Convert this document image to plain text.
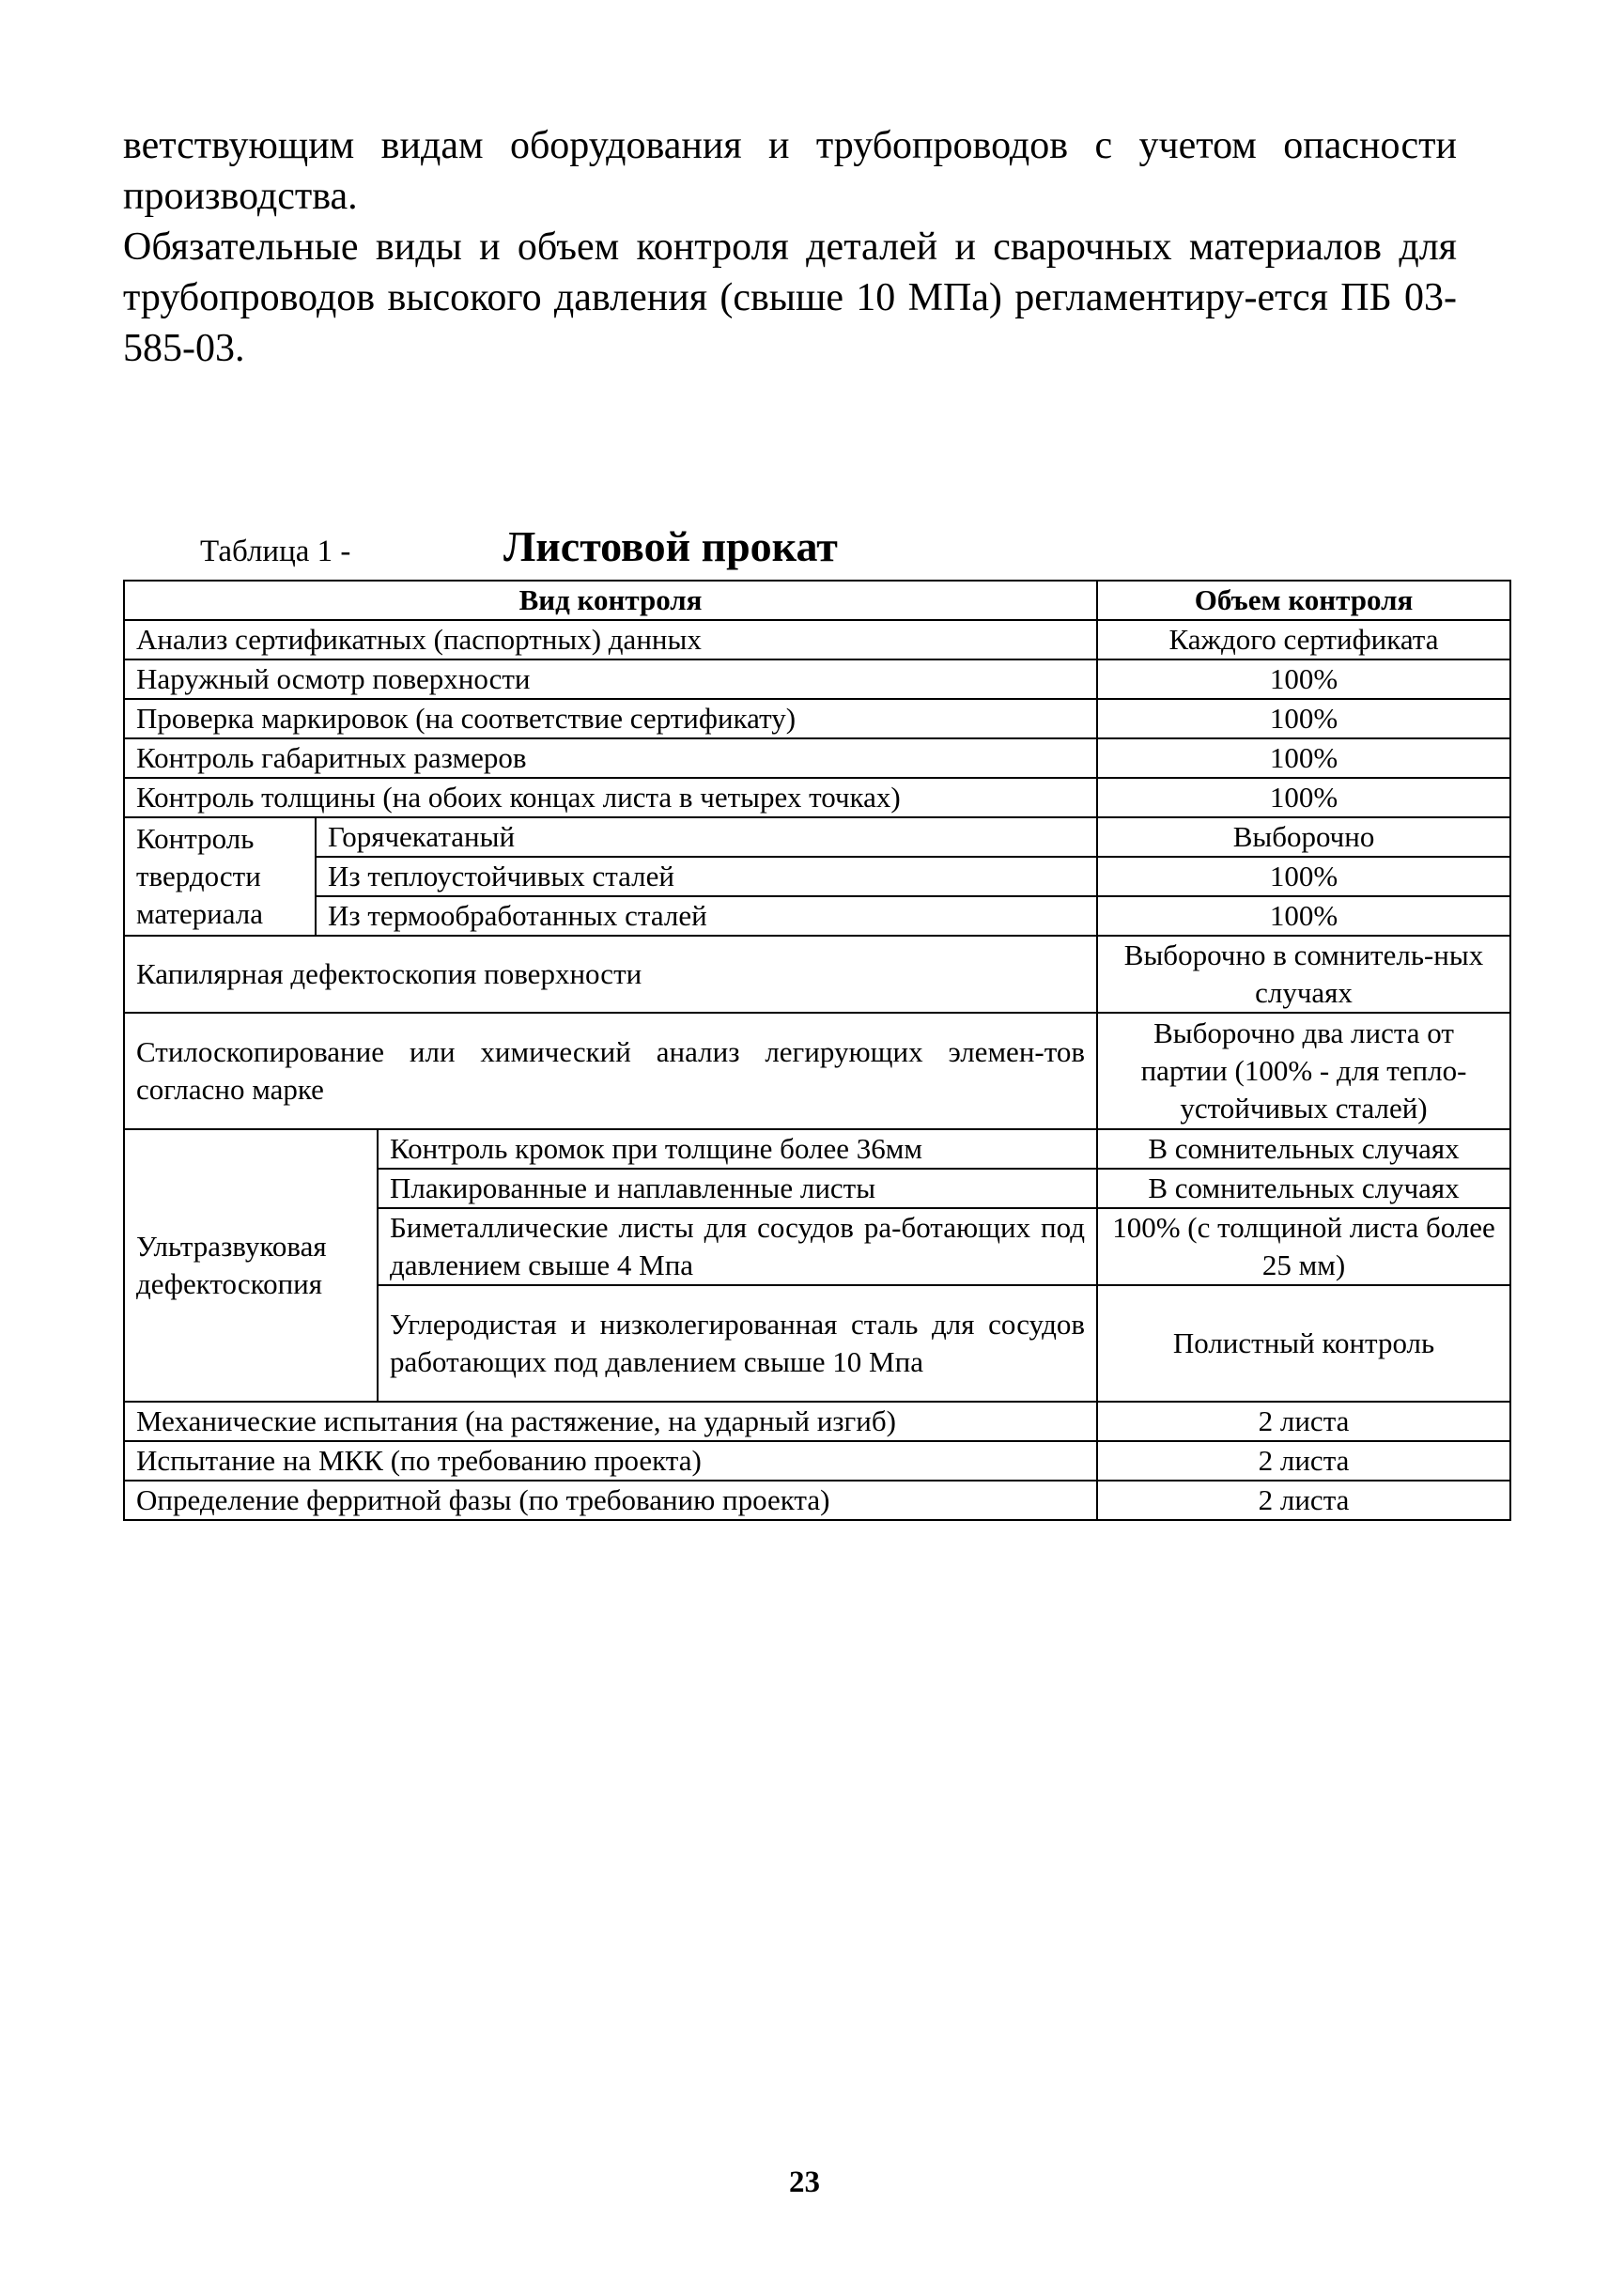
ветствующим видам оборудования и трубопроводов с учетом опасности производства.

Обязательные виды и объем контроля деталей и сварочных материалов для трубопроводов высокого давления (свыше 10 МПа) регламентиру-ется ПБ 03-585-03.

Таблица 1 -	Листовой прокат
Вид контроля			Объем контроля
Анализ сертификатных (паспортных) данных			Каждого сертификата
Наружный осмотр поверхности			100%
Проверка маркировок (на соответствие сертификату)			100%
Контроль габаритных размеров			100%
Контроль толщины (на обоих концах листа в четырех точках)			100%
Контроль твердости материала	Горячекатаный		Выборочно
	Из теплоустойчивых сталей		100%
	Из термообработанных сталей		100%
Капилярная дефектоскопия поверхности			Выборочно в сомнитель-ных случаях
Стилоскопирование или химический анализ легирующих элемен-тов согласно марке			Выборочно два листа от партии (100% - для тепло-устойчивых сталей)
Ультразвуковая дефектоскопия		Контроль кромок при толщине более 36мм	В сомнительных случаях
		Плакированные и наплавленные листы	В сомнительных случаях
		Биметаллические листы для сосудов ра-ботающих под давлением свыше 4 Мпа	100% (с толщиной листа более 25 мм)
		Углеродистая и низколегированная сталь для сосудов работающих под давлением свыше 10 Мпа	Полистный контроль
Механические испытания (на растяжение, на ударный изгиб)			2 листа
Испытание на МКК (по требованию проекта)			2 листа
Определение ферритной фазы (по требованию проекта)			2 листа
23
